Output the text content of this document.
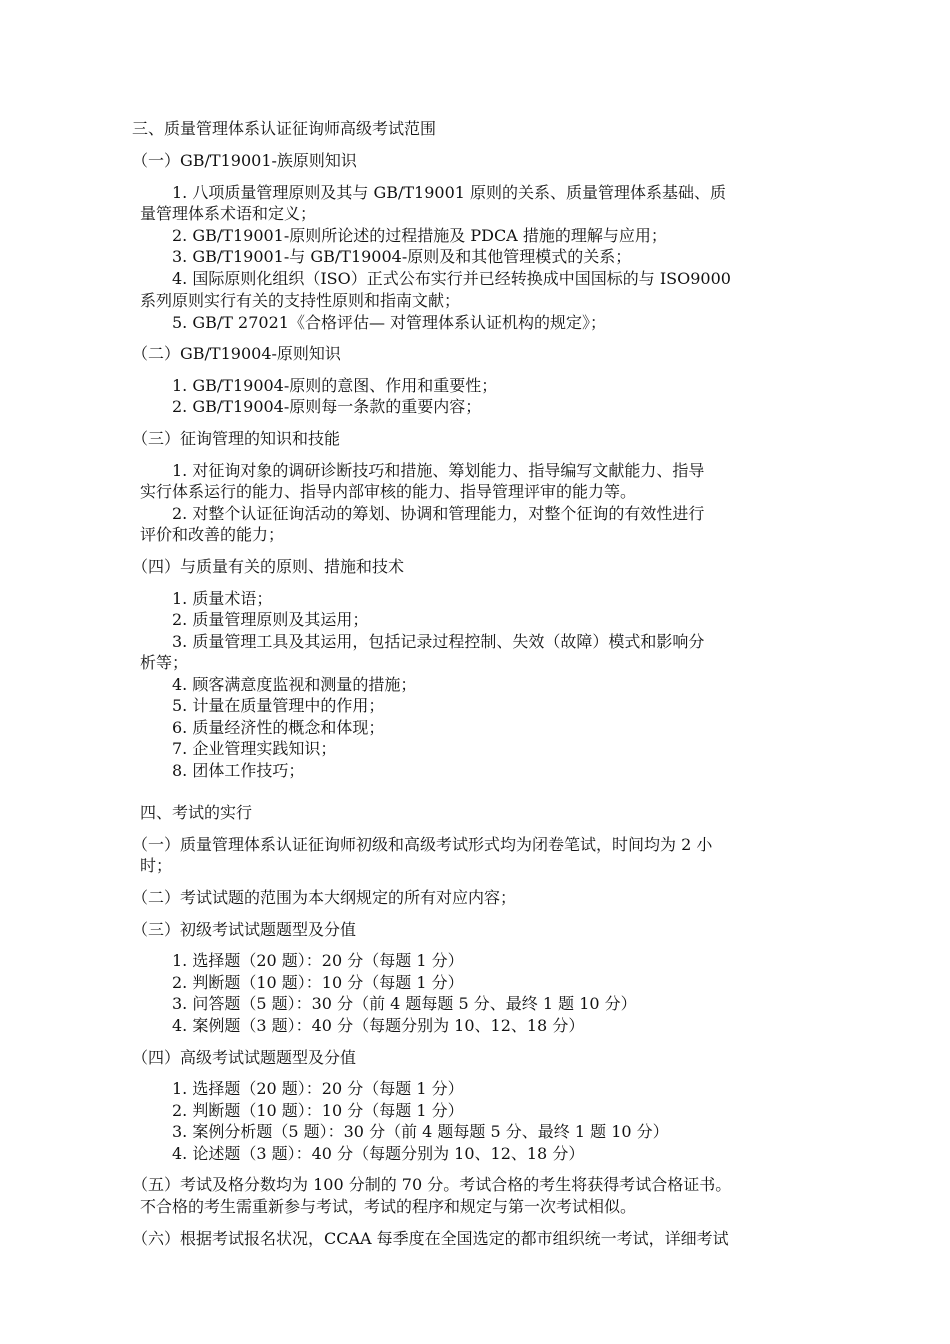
三、质量管理体系认证征询师高级考试范围
（一）GB/T19001-族原则知识
1. 八项质量管理原则及其与 GB/T19001 原则的关系、质量管理体系基础、质
量管理体系术语和定义；
2. GB/T19001-原则所论述的过程措施及 PDCA 措施的理解与应用；
3. GB/T19001-与 GB/T19004-原则及和其他管理模式的关系；
4. 国际原则化组织（ISO）正式公布实行并已经转换成中国国标的与 ISO9000
系列原则实行有关的支持性原则和指南文献；
5. GB/T 27021《合格评估— 对管理体系认证机构的规定》；
（二）GB/T19004-原则知识
1. GB/T19004-原则的意图、作用和重要性；
2. GB/T19004-原则每一条款的重要内容；
（三）征询管理的知识和技能
1. 对征询对象的调研诊断技巧和措施、筹划能力、指导编写文献能力、指导
实行体系运行的能力、指导内部审核的能力、指导管理评审的能力等。
2. 对整个认证征询活动的筹划、协调和管理能力，对整个征询的有效性进行
评价和改善的能力；
（四）与质量有关的原则、措施和技术
1. 质量术语；
2. 质量管理原则及其运用；
3. 质量管理工具及其运用，包括记录过程控制、失效（故障）模式和影响分
析等；
4. 顾客满意度监视和测量的措施；
5. 计量在质量管理中的作用；
6. 质量经济性的概念和体现；
7. 企业管理实践知识；
8. 团体工作技巧；
四、考试的实行
（一）质量管理体系认证征询师初级和高级考试形式均为闭卷笔试，时间均为 2 小
时；
（二）考试试题的范围为本大纲规定的所有对应内容；
（三）初级考试试题题型及分值
1. 选择题（20 题）：20 分（每题 1 分）
2. 判断题（10 题）：10 分（每题 1 分）
3. 问答题（5 题）：30 分（前 4 题每题 5 分、最终 1 题 10 分）
4. 案例题（3 题）：40 分（每题分别为 10、12、18 分）
（四）高级考试试题题型及分值
1. 选择题（20 题）：20 分（每题 1 分）
2. 判断题（10 题）：10 分（每题 1 分）
3. 案例分析题（5 题）：30 分（前 4 题每题 5 分、最终 1 题 10 分）
4. 论述题（3 题）：40 分（每题分别为 10、12、18 分）
（五）考试及格分数均为 100 分制的 70 分。考试合格的考生将获得考试合格证书。
不合格的考生需重新参与考试，考试的程序和规定与第一次考试相似。
（六）根据考试报名状况，CCAA 每季度在全国选定的都市组织统一考试，详细考试
